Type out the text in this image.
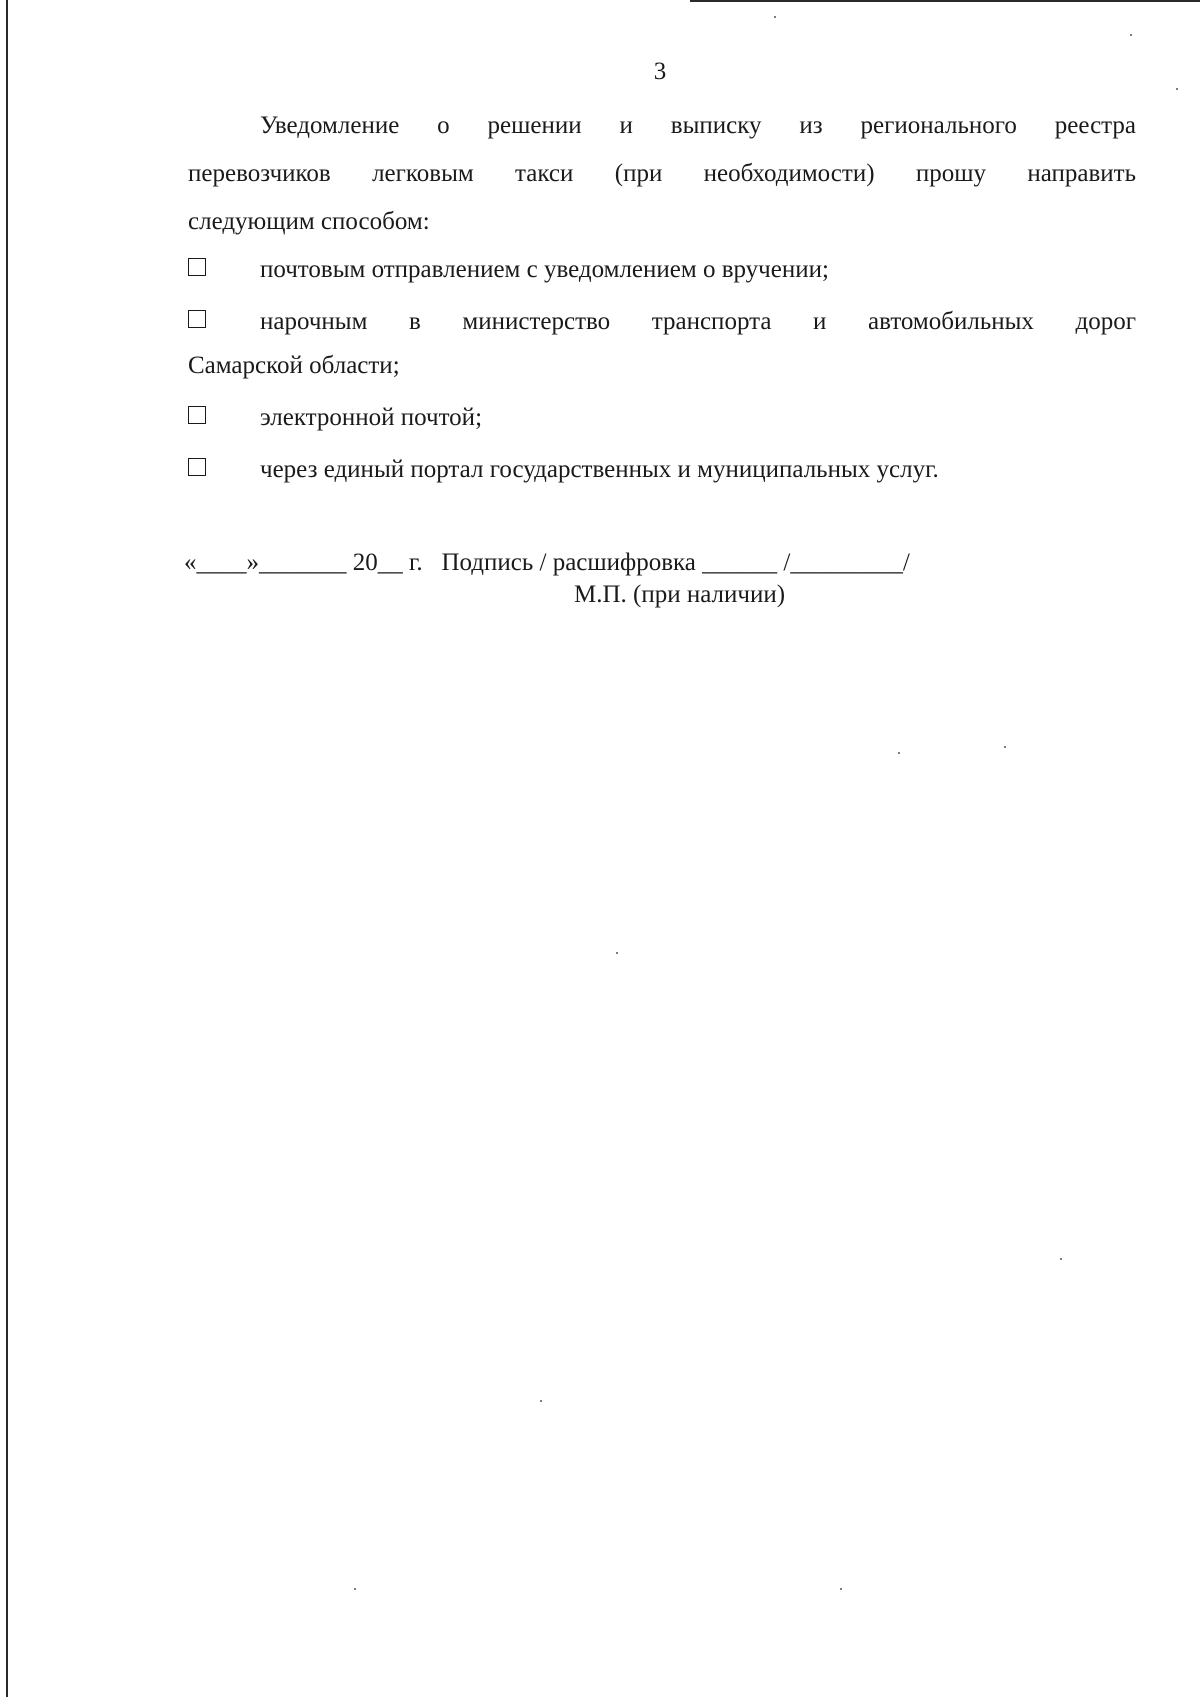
3
Уведомление о решении и выписку из регионального реестра
перевозчиков легковым такси (при необходимости) прошу направить
следующим способом:
почтовым отправлением с уведомлением о вручении;
нарочным в министерство транспорта и автомобильных дорог
Самарской области;
электронной почтой;
через единый портал государственных и муниципальных услуг.
«____»_______ 20__ г. Подпись / расшифровка ______ /_________/
М.П. (при наличии)
